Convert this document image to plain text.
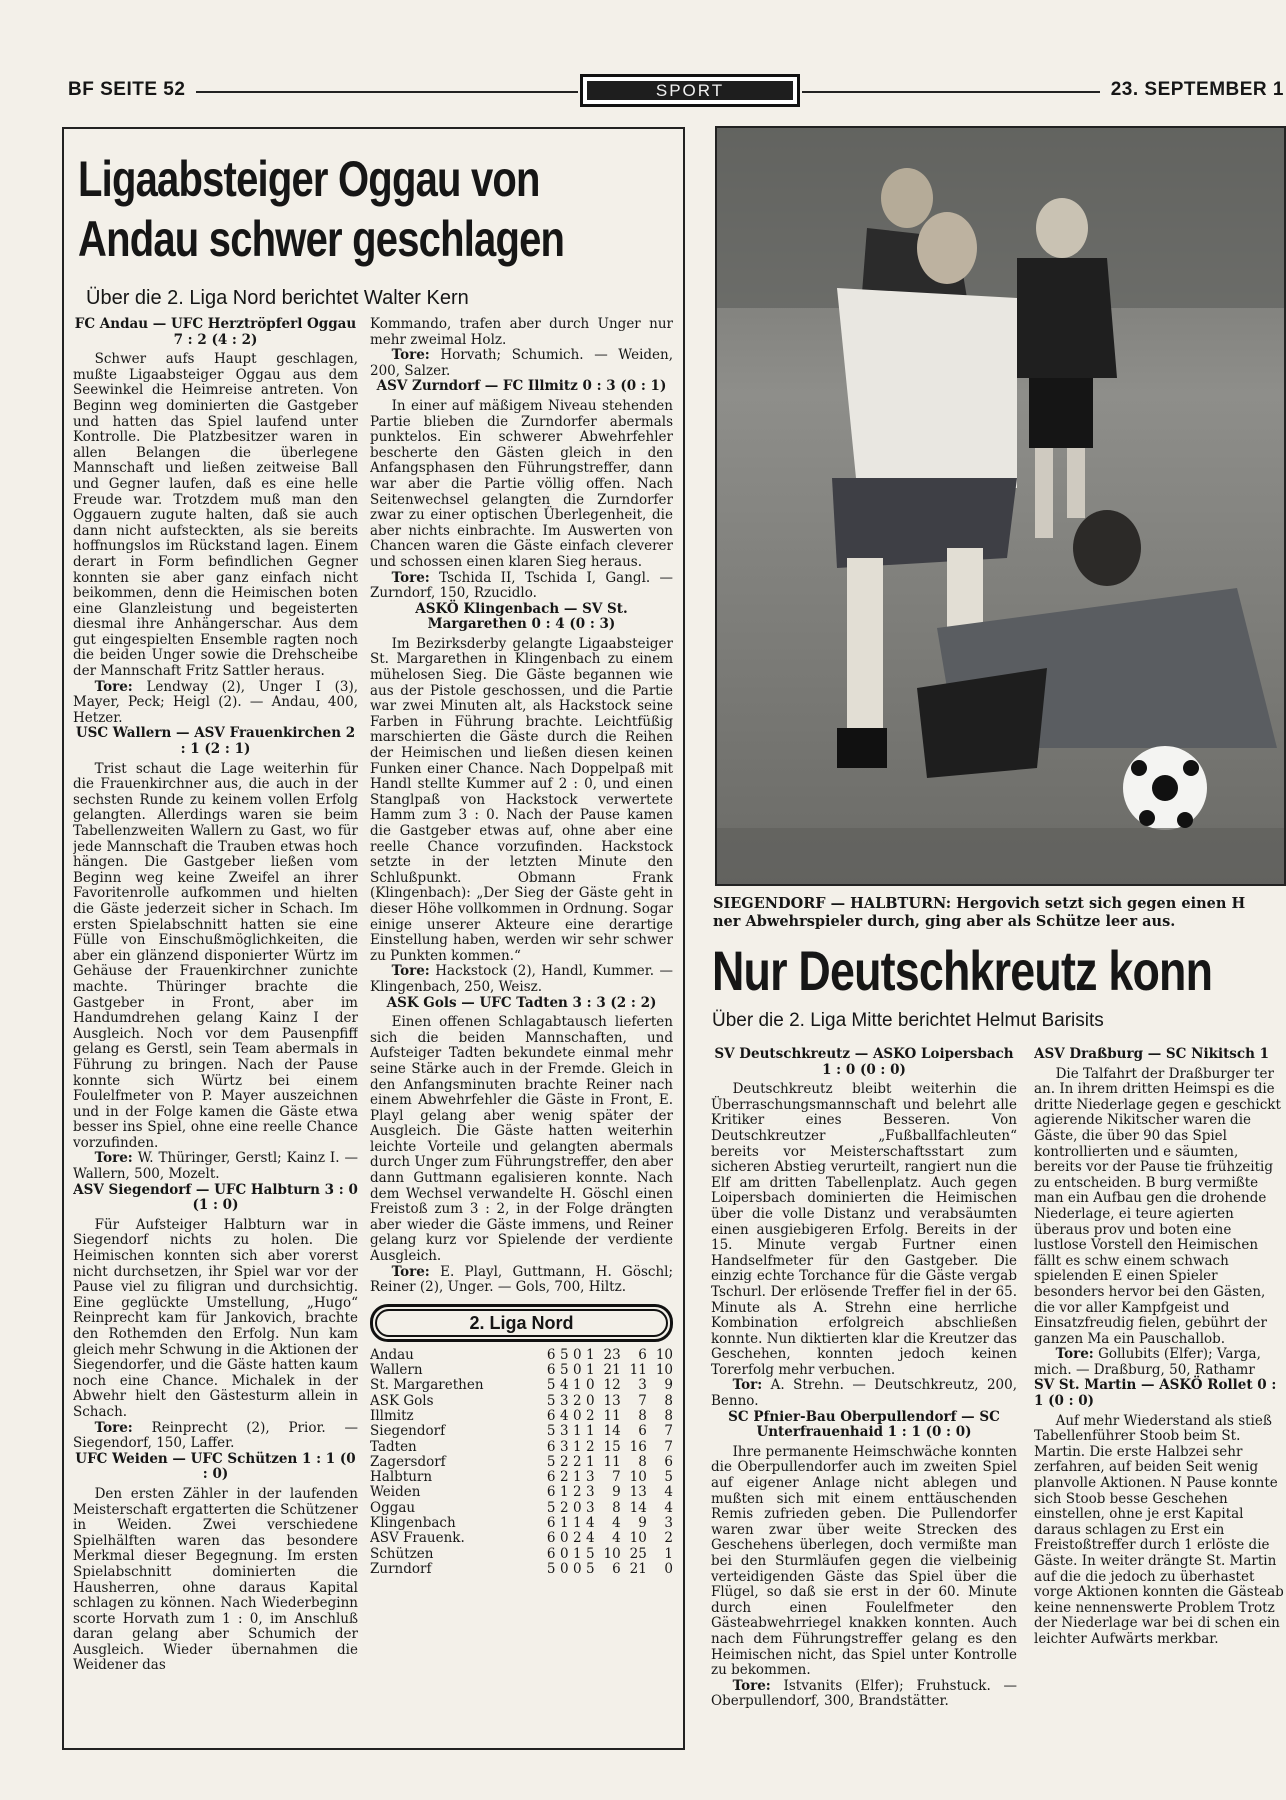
BF SEITE 52	SPORT	23. SEPTEMBER 1
Ligaabsteiger Oggau von
Andau schwer geschlagen
Über die 2. Liga Nord berichtet Walter Kern
FC Andau — UFC Herztröpferl Oggau 7 : 2 (4 : 2)

Schwer aufs Haupt geschlagen, mußte Ligaabsteiger Oggau aus dem Seewinkel die Heimreise antreten. Von Beginn weg dominierten die Gastgeber und hatten das Spiel laufend unter Kontrolle. Die Platzbesitzer waren in allen Belangen die überlegene Mannschaft und ließen zeitweise Ball und Gegner laufen, daß es eine helle Freude war. Trotzdem muß man den Oggauern zugute halten, daß sie auch dann nicht aufsteckten, als sie bereits hoffnungslos im Rückstand lagen. Einem derart in Form befindlichen Gegner konnten sie aber ganz einfach nicht beikommen, denn die Heimischen boten eine Glanzleistung und begeisterten diesmal ihre Anhängerschar. Aus dem gut eingespielten Ensemble ragten noch die beiden Unger sowie die Drehscheibe der Mannschaft Fritz Sattler heraus.

Tore: Lendway (2), Unger I (3), Mayer, Peck; Heigl (2). — Andau, 400, Hetzer.

USC Wallern — ASV Frauenkirchen 2 : 1 (2 : 1)

Trist schaut die Lage weiterhin für die Frauenkirchner aus, die auch in der sechsten Runde zu keinem vollen Erfolg gelangten. Allerdings waren sie beim Tabellenzweiten Wallern zu Gast, wo für jede Mannschaft die Trauben etwas hoch hängen. Die Gastgeber ließen vom Beginn weg keine Zweifel an ihrer Favoritenrolle aufkommen und hielten die Gäste jederzeit sicher in Schach. Im ersten Spielabschnitt hatten sie eine Fülle von Einschußmöglichkeiten, die aber ein glänzend disponierter Würtz im Gehäuse der Frauenkirchner zunichte machte. Thüringer brachte die Gastgeber in Front, aber im Handumdrehen gelang Kainz I der Ausgleich. Noch vor dem Pausenpfiff gelang es Gerstl, sein Team abermals in Führung zu bringen. Nach der Pause konnte sich Würtz bei einem Foulelfmeter von P. Mayer auszeichnen und in der Folge kamen die Gäste etwa besser ins Spiel, ohne eine reelle Chance vorzufinden.

Tore: W. Thüringer, Gerstl; Kainz I. — Wallern, 500, Mozelt.

ASV Siegendorf — UFC Halbturn 3 : 0 (1 : 0)

Für Aufsteiger Halbturn war in Siegendorf nichts zu holen. Die Heimischen konnten sich aber vorerst nicht durchsetzen, ihr Spiel war vor der Pause viel zu filigran und durchsichtig. Eine geglückte Umstellung, „Hugo“ Reinprecht kam für Jankovich, brachte den Rothemden den Erfolg. Nun kam gleich mehr Schwung in die Aktionen der Siegendorfer, und die Gäste hatten kaum noch eine Chance. Michalek in der Abwehr hielt den Gästesturm allein in Schach.

Tore: Reinprecht (2), Prior. — Siegendorf, 150, Laffer.

UFC Weiden — UFC Schützen 1 : 1 (0 : 0)

Den ersten Zähler in der laufenden Meisterschaft ergatterten die Schützener in Weiden. Zwei verschiedene Spielhälften waren das besondere Merkmal dieser Begegnung. Im ersten Spielabschnitt dominierten die Hausherren, ohne daraus Kapital schlagen zu können. Nach Wiederbeginn scorte Horvath zum 1 : 0, im Anschluß daran gelang aber Schumich der Ausgleich. Wieder übernahmen die Weidener das

Kommando, trafen aber durch Unger nur mehr zweimal Holz.

Tore: Horvath; Schumich. — Weiden, 200, Salzer.

ASV Zurndorf — FC Illmitz 0 : 3 (0 : 1)

In einer auf mäßigem Niveau stehenden Partie blieben die Zurndorfer abermals punktelos. Ein schwerer Abwehrfehler bescherte den Gästen gleich in den Anfangsphasen den Führungstreffer, dann war aber die Partie völlig offen. Nach Seitenwechsel gelangten die Zurndorfer zwar zu einer optischen Überlegenheit, die aber nichts einbrachte. Im Auswerten von Chancen waren die Gäste einfach cleverer und schossen einen klaren Sieg heraus.

Tore: Tschida II, Tschida I, Gangl. — Zurndorf, 150, Rzucidlo.

ASKÖ Klingenbach — SV St. Margarethen 0 : 4 (0 : 3)

Im Bezirksderby gelangte Ligaabsteiger St. Margarethen in Klingenbach zu einem mühelosen Sieg. Die Gäste begannen wie aus der Pistole geschossen, und die Partie war zwei Minuten alt, als Hackstock seine Farben in Führung brachte. Leichtfüßig marschierten die Gäste durch die Reihen der Heimischen und ließen diesen keinen Funken einer Chance. Nach Doppelpaß mit Handl stellte Kummer auf 2 : 0, und einen Stanglpaß von Hackstock verwertete Hamm zum 3 : 0. Nach der Pause kamen die Gastgeber etwas auf, ohne aber eine reelle Chance vorzufinden. Hackstock setzte in der letzten Minute den Schlußpunkt. Obmann Frank (Klingenbach): „Der Sieg der Gäste geht in dieser Höhe vollkommen in Ordnung. Sogar einige unserer Akteure eine derartige Einstellung haben, werden wir sehr schwer zu Punkten kommen.“

Tore: Hackstock (2), Handl, Kummer. — Klingenbach, 250, Weisz.

ASK Gols — UFC Tadten 3 : 3 (2 : 2)

Einen offenen Schlagabtausch lieferten sich die beiden Mannschaften, und Aufsteiger Tadten bekundete einmal mehr seine Stärke auch in der Fremde. Gleich in den Anfangsminuten brachte Reiner nach einem Abwehrfehler die Gäste in Front, E. Playl gelang aber wenig später der Ausgleich. Die Gäste hatten weiterhin leichte Vorteile und gelangten abermals durch Unger zum Führungstreffer, den aber dann Guttmann egalisieren konnte. Nach dem Wechsel verwandelte H. Göschl einen Freistoß zum 3 : 2, in der Folge drängten aber wieder die Gäste immens, und Reiner gelang kurz vor Spielende der verdiente Ausgleich.

Tore: E. Playl, Guttmann, H. Göschl; Reiner (2), Unger. — Gols, 700, Hiltz.

2. Liga Nord
Andau	6	5	0	1	23	6	10
Wallern	6	5	0	1	21	11	10
St. Margarethen	5	4	1	0	12	3	9
ASK Gols	5	3	2	0	13	7	8
Illmitz	6	4	0	2	11	8	8
Siegendorf	5	3	1	1	14	6	7
Tadten	6	3	1	2	15	16	7
Zagersdorf	5	2	2	1	11	8	6
Halbturn	6	2	1	3	7	10	5
Weiden	6	1	2	3	9	13	4
Oggau	5	2	0	3	8	14	4
Klingenbach	6	1	1	4	4	9	3
ASV Frauenk.	6	0	2	4	4	10	2
Schützen	6	0	1	5	10	25	1
Zurndorf	5	0	0	5	6	21	0
SIEGENDORF — HALBTURN: Hergovich setzt sich gegen einen H
ner Abwehrspieler durch, ging aber als Schütze leer aus.
Nur Deutschkreutz konn
Über die 2. Liga Mitte berichtet Helmut Barisits
SV Deutschkreutz — ASKÖ Loipersbach 1 : 0 (0 : 0)

Deutschkreutz bleibt weiterhin die Überraschungsmannschaft und belehrt alle Kritiker eines Besseren. Von Deutschkreutzer „Fußballfachleuten“ bereits vor Meisterschaftsstart zum sicheren Abstieg verurteilt, rangiert nun die Elf am dritten Tabellenplatz. Auch gegen Loipersbach dominierten die Heimischen über die volle Distanz und verabsäumten einen ausgiebigeren Erfolg. Bereits in der 15. Minute vergab Furtner einen Handselfmeter für den Gastgeber. Die einzig echte Torchance für die Gäste vergab Tschurl. Der erlösende Treffer fiel in der 65. Minute als A. Strehn eine herrliche Kombination erfolgreich abschließen konnte. Nun diktierten klar die Kreutzer das Geschehen, konnten jedoch keinen Torerfolg mehr verbuchen.

Tor: A. Strehn. — Deutschkreutz, 200, Benno.

SC Pfnier-Bau Oberpullendorf — SC Unterfrauenhaid 1 : 1 (0 : 0)

Ihre permanente Heimschwäche konnten die Oberpullendorfer auch im zweiten Spiel auf eigener Anlage nicht ablegen und mußten sich mit einem enttäuschenden Remis zufrieden geben. Die Pullendorfer waren zwar über weite Strecken des Geschehens überlegen, doch vermißte man bei den Sturmläufen gegen die vielbeinig verteidigenden Gäste das Spiel über die Flügel, so daß sie erst in der 60. Minute durch einen Foulelfmeter den Gästeabwehrriegel knakken konnten. Auch nach dem Führungstreffer gelang es den Heimischen nicht, das Spiel unter Kontrolle zu bekommen.

Tore: Istvanits (Elfer); Fruhstuck. — Oberpullendorf, 300, Brandstätter.

ASV Draßburg — SC Nikitsch 1

Die Talfahrt der Draßburger ter an. In ihrem dritten Heimspi es die dritte Niederlage gegen e geschickt agierende Nikitscher waren die Gäste, die über 90 das Spiel kontrollierten und e säumten, bereits vor der Pause tie frühzeitig zu entscheiden. B burg vermißte man ein Aufbau gen die drohende Niederlage, ei teure agierten überaus prov und boten eine lustlose Vorstell den Heimischen fällt es schw einem schwach spielenden E einen Spieler besonders hervor bei den Gästen, die vor aller Kampfgeist und Einsatzfreudig fielen, gebührt der ganzen Ma ein Pauschallob.

Tore: Gollubits (Elfer); Varga, mich. — Draßburg, 50, Rathamr

SV St. Martin — ASKÖ Rollet 0 : 1 (0 : 0)

Auf mehr Wiederstand als stieß Tabellenführer Stoob beim St. Martin. Die erste Halbzei sehr zerfahren, auf beiden Seit wenig planvolle Aktionen. N Pause konnte sich Stoob besse Geschehen einstellen, ohne je erst Kapital daraus schlagen zu Erst ein Freistoßtreffer durch 1 erlöste die Gäste. In weiter drängte St. Martin auf die die jedoch zu überhastet vorge Aktionen konnten die Gästeab keine nennenswerte Problem Trotz der Niederlage war bei di schen ein leichter Aufwärts merkbar.
